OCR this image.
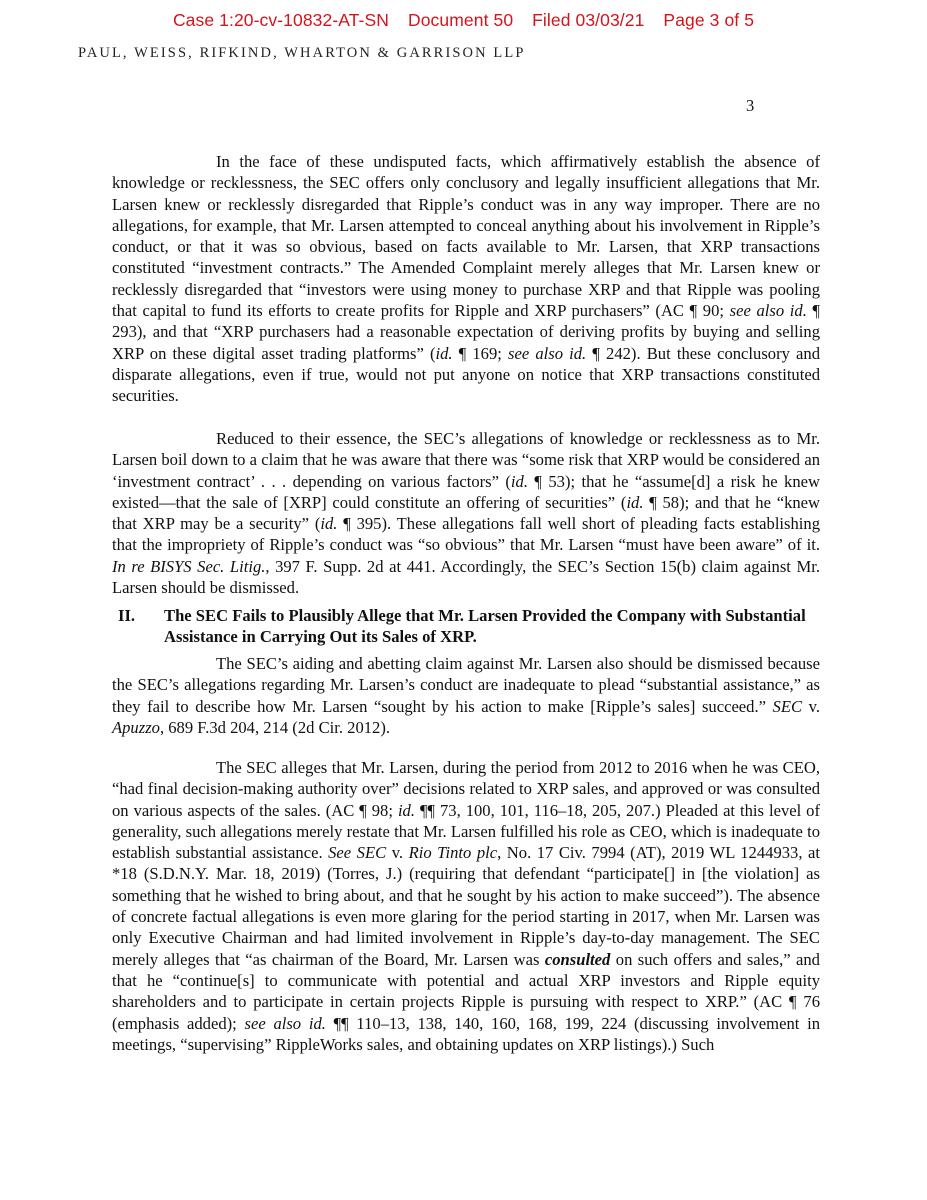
Case 1:20-cv-10832-AT-SN Document 50 Filed 03/03/21 Page 3 of 5
PAUL, WEISS, RIFKIND, WHARTON & GARRISON LLP
3

In the face of these undisputed facts, which affirmatively establish the absence of knowledge or recklessness, the SEC offers only conclusory and legally insufficient allegations that Mr. Larsen knew or recklessly disregarded that Ripple’s conduct was in any way improper. There are no allegations, for example, that Mr. Larsen attempted to conceal anything about his involvement in Ripple’s conduct, or that it was so obvious, based on facts available to Mr. Larsen, that XRP transactions constituted “investment contracts.” The Amended Complaint merely alleges that Mr. Larsen knew or recklessly disregarded that “investors were using money to purchase XRP and that Ripple was pooling that capital to fund its efforts to create profits for Ripple and XRP purchasers” (AC ¶ 90; see also id. ¶ 293), and that “XRP purchasers had a reasonable expectation of deriving profits by buying and selling XRP on these digital asset trading platforms” (id. ¶ 169; see also id. ¶ 242). But these conclusory and disparate allegations, even if true, would not put anyone on notice that XRP transactions constituted securities.

Reduced to their essence, the SEC’s allegations of knowledge or recklessness as to Mr. Larsen boil down to a claim that he was aware that there was “some risk that XRP would be considered an ‘investment contract’ . . . depending on various factors” (id. ¶ 53); that he “assume[d] a risk he knew existed—that the sale of [XRP] could constitute an offering of securities” (id. ¶ 58); and that he “knew that XRP may be a security” (id. ¶ 395). These allegations fall well short of pleading facts establishing that the impropriety of Ripple’s conduct was “so obvious” that Mr. Larsen “must have been aware” of it. In re BISYS Sec. Litig., 397 F. Supp. 2d at 441. Accordingly, the SEC’s Section 15(b) claim against Mr. Larsen should be dismissed.

II. The SEC Fails to Plausibly Allege that Mr. Larsen Provided the Company with Substantial Assistance in Carrying Out its Sales of XRP.

The SEC’s aiding and abetting claim against Mr. Larsen also should be dismissed because the SEC’s allegations regarding Mr. Larsen’s conduct are inadequate to plead “substantial assistance,” as they fail to describe how Mr. Larsen “sought by his action to make [Ripple’s sales] succeed.” SEC v. Apuzzo, 689 F.3d 204, 214 (2d Cir. 2012).

The SEC alleges that Mr. Larsen, during the period from 2012 to 2016 when he was CEO, “had final decision-making authority over” decisions related to XRP sales, and approved or was consulted on various aspects of the sales. (AC ¶ 98; id. ¶¶ 73, 100, 101, 116–18, 205, 207.) Pleaded at this level of generality, such allegations merely restate that Mr. Larsen fulfilled his role as CEO, which is inadequate to establish substantial assistance. See SEC v. Rio Tinto plc, No. 17 Civ. 7994 (AT), 2019 WL 1244933, at *18 (S.D.N.Y. Mar. 18, 2019) (Torres, J.) (requiring that defendant “participate[] in [the violation] as something that he wished to bring about, and that he sought by his action to make succeed”). The absence of concrete factual allegations is even more glaring for the period starting in 2017, when Mr. Larsen was only Executive Chairman and had limited involvement in Ripple’s day-to-day management. The SEC merely alleges that “as chairman of the Board, Mr. Larsen was consulted on such offers and sales,” and that he “continue[s] to communicate with potential and actual XRP investors and Ripple equity shareholders and to participate in certain projects Ripple is pursuing with respect to XRP.” (AC ¶ 76 (emphasis added); see also id. ¶¶ 110–13, 138, 140, 160, 168, 199, 224 (discussing involvement in meetings, “supervising” RippleWorks sales, and obtaining updates on XRP listings).) Such
